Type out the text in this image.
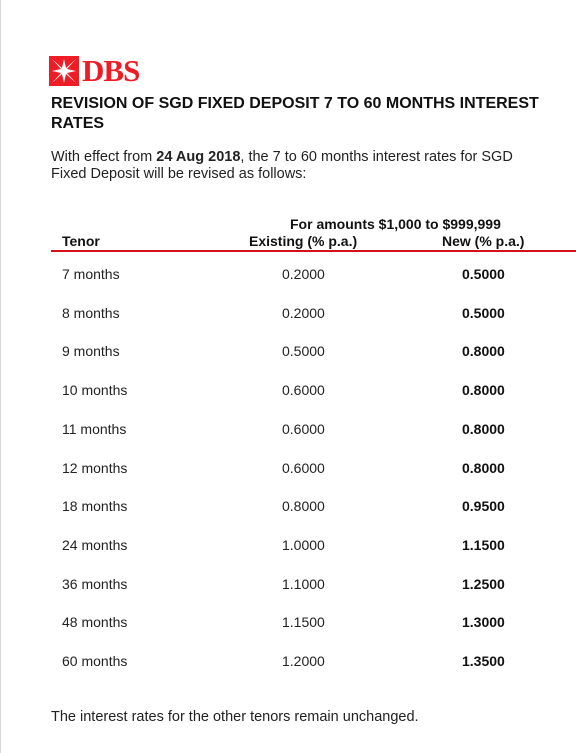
DBS
REVISION OF SGD FIXED DEPOSIT 7 TO 60 MONTHS INTEREST RATES
With effect from 24 Aug 2018, the 7 to 60 months interest rates for SGD Fixed Deposit will be revised as follows:
For amounts $1,000 to $999,999
Tenor	Existing (% p.a.)	New (% p.a.)
7 months	0.2000	0.5000
8 months	0.2000	0.5000
9 months	0.5000	0.8000
10 months	0.6000	0.8000
11 months	0.6000	0.8000
12 months	0.6000	0.8000
18 months	0.8000	0.9500
24 months	1.0000	1.1500
36 months	1.1000	1.2500
48 months	1.1500	1.3000
60 months	1.2000	1.3500
The interest rates for the other tenors remain unchanged.
